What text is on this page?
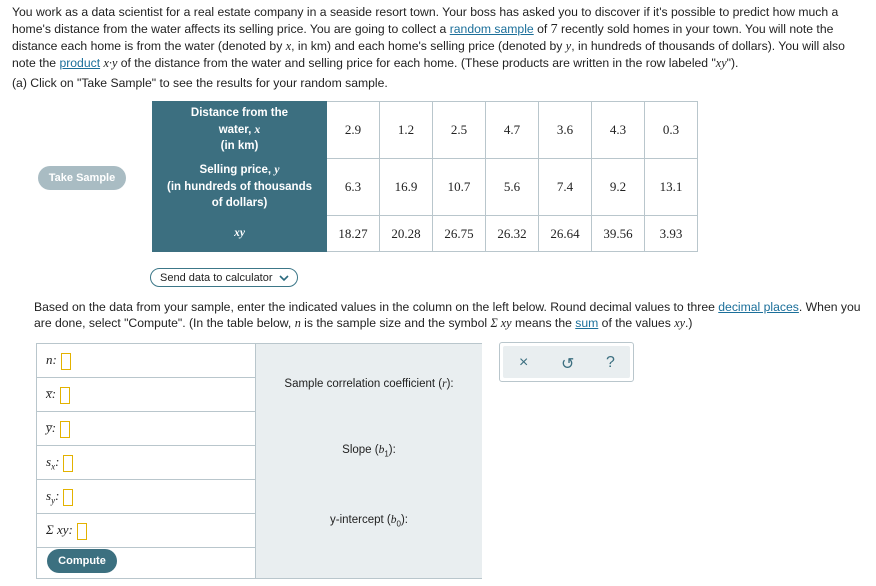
You work as a data scientist for a real estate company in a seaside resort town. Your boss has asked you to discover if it's possible to predict how much a home's distance from the water affects its selling price. You are going to collect a random sample of 7 recently sold homes in your town. You will note the distance each home is from the water (denoted by x, in km) and each home's selling price (denoted by y, in hundreds of thousands of dollars). You will also note the product x·y of the distance from the water and selling price for each home. (These products are written in the row labeled "xy").

(a) Click on "Take Sample" to see the results for your random sample.
Take Sample
Distance from the
water, x
(in km)	2.9	1.2	2.5	4.7	3.6	4.3	0.3

Selling price, y
(in hundreds of thousands
of dollars)	6.3	16.9	10.7	5.6	7.4	9.2	13.1
xy	18.27	20.28	26.75	26.32	26.64	39.56	3.93
Send data to calculator
Based on the data from your sample, enter the indicated values in the column on the left below. Round decimal values to three decimal places. When you are done, select "Compute". (In the table below, n is the sample size and the symbol Σ xy means the sum of the values xy.)
n:
x̅:
y̅:
$s_x$:
$s_y$:
Σ xy:
Compute
Sample correlation coefficient (r):
Slope $(b_1)$:
y-intercept $(b_0)$:
× ↺ ?
